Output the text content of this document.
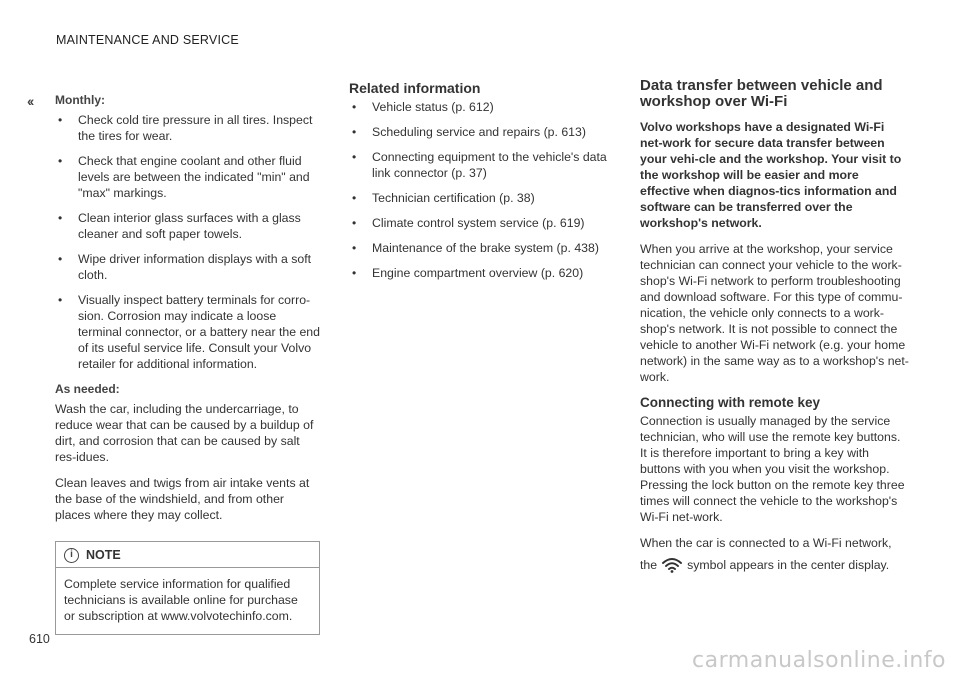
MAINTENANCE AND SERVICE
‹‹ Monthly:
• Check cold tire pressure in all tires. Inspect the tires for wear.
• Check that engine coolant and other fluid levels are between the indicated "min" and "max" markings.
• Clean interior glass surfaces with a glass cleaner and soft paper towels.
• Wipe driver information displays with a soft cloth.
• Visually inspect battery terminals for corro-sion. Corrosion may indicate a loose terminal connector, or a battery near the end of its useful service life. Consult your Volvo retailer for additional information.
As needed:

Wash the car, including the undercarriage, to reduce wear that can be caused by a buildup of dirt, and corrosion that can be caused by salt res-idues.

Clean leaves and twigs from air intake vents at the base of the windshield, and from other places where they may collect.

i	NOTE
Complete service information for qualified technicians is available online for purchase or subscription at www.volvotechinfo.com.
Related information
• Vehicle status (p. 612)
• Scheduling service and repairs (p. 613)
• Connecting equipment to the vehicle's data link connector (p. 37)
• Technician certification (p. 38)
• Climate control system service (p. 619)
• Maintenance of the brake system (p. 438)
• Engine compartment overview (p. 620)
Data transfer between vehicle and workshop over Wi-Fi

Volvo workshops have a designated Wi-Fi net-work for secure data transfer between your vehi-cle and the workshop. Your visit to the workshop will be easier and more effective when diagnos-tics information and software can be transferred over the workshop's network.

When you arrive at the workshop, your service technician can connect your vehicle to the work-shop's Wi-Fi network to perform troubleshooting and download software. For this type of commu-nication, the vehicle only connects to a work-shop's network. It is not possible to connect the vehicle to another Wi-Fi network (e.g. your home network) in the same way as to a workshop's net-work.

Connecting with remote key

Connection is usually managed by the service technician, who will use the remote key buttons. It is therefore important to bring a key with buttons with you when you visit the workshop. Pressing the lock button on the remote key three times will connect the vehicle to the workshop's Wi-Fi net-work.

When the car is connected to a Wi-Fi network,

the symbol appears in the center display.
610
carmanualsonline.info
